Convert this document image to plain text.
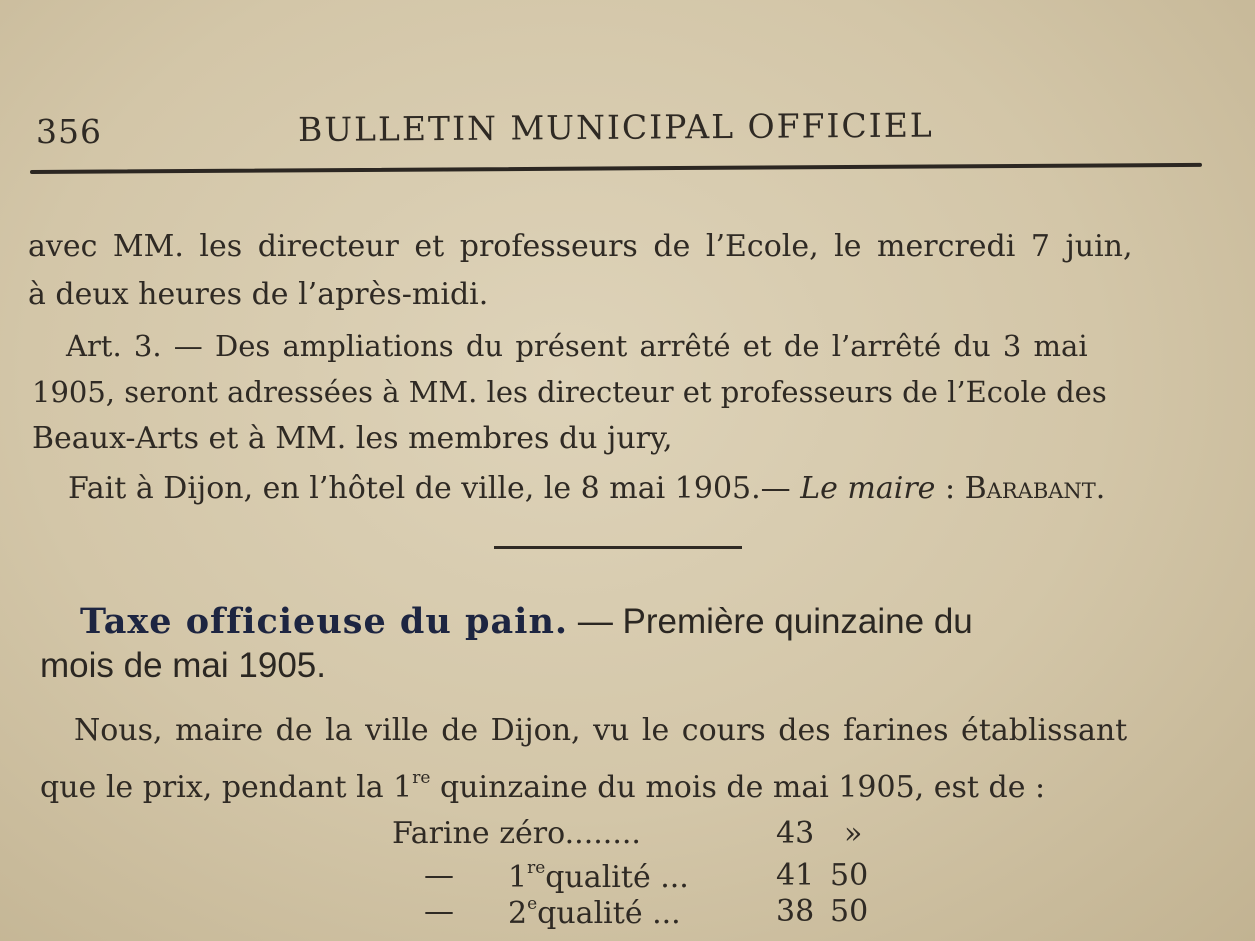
356	BULLETIN MUNICIPAL OFFICIEL
avec MM. les directeur et professeurs de l’Ecole, le mercredi 7 juin,
à deux heures de l’après-midi.
Art. 3. — Des ampliations du présent arrêté et de l’arrêté du 3 mai
1905, seront adressées à MM. les directeur et professeurs de l’Ecole des
Beaux-Arts et à MM. les membres du jury,
Fait à Dijon, en l’hôtel de ville, le 8 mai 1905.— Le maire : Barabant.
Taxe officieuse du pain. — Première quinzaine du
mois de mai 1905.
Nous, maire de la ville de Dijon, vu le cours des farines établissant
que le prix, pendant la 1re quinzaine du mois de mai 1905, est de :
Farine zéro........	43 »
— 1requalité ...	41 50
— 2equalité ...	38 50
